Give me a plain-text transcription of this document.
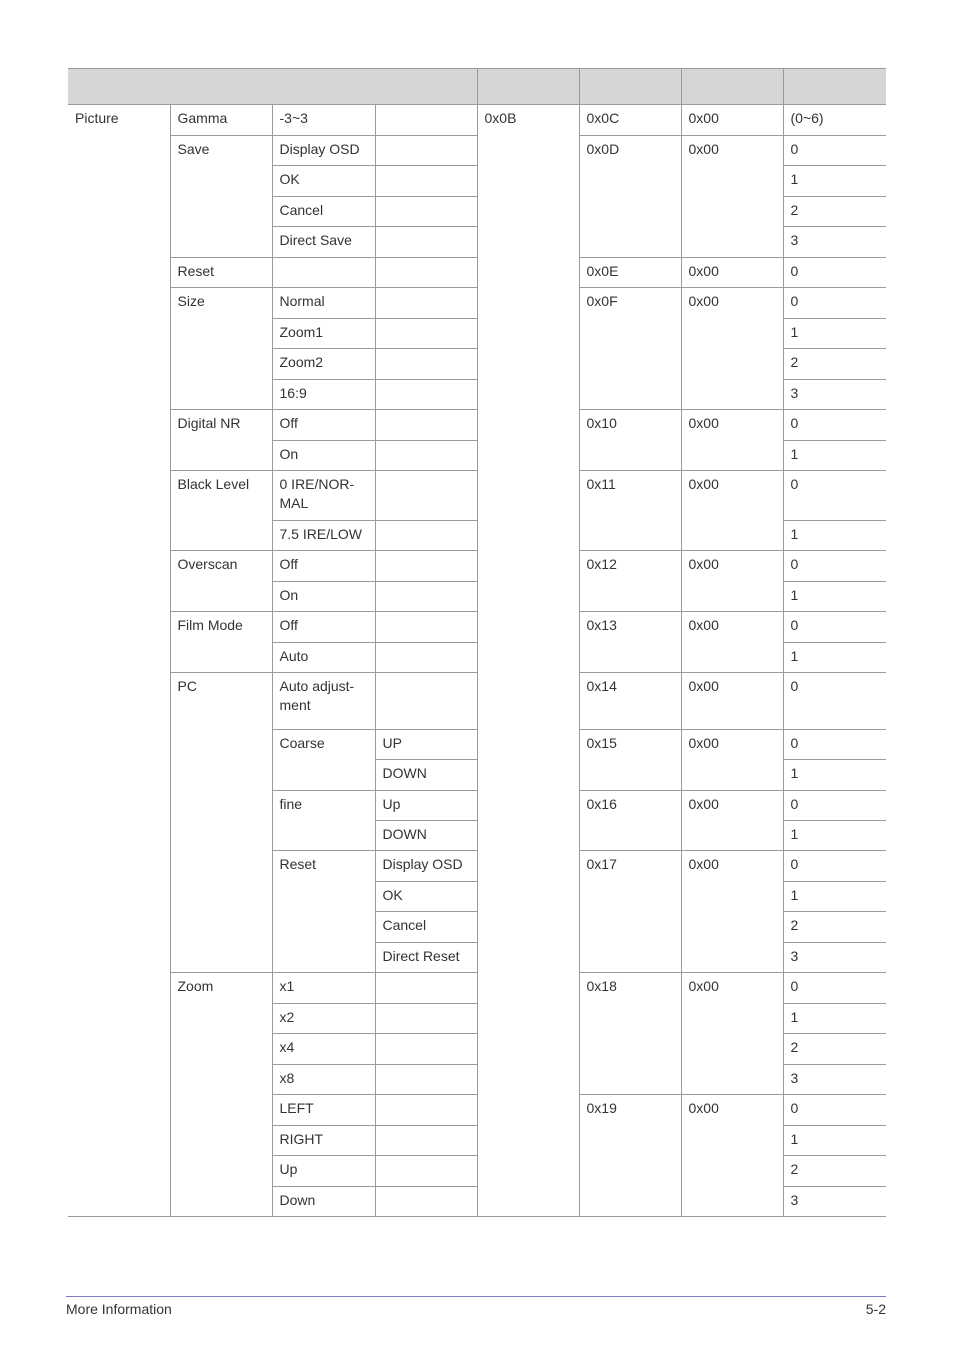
Picture	Gamma	-3~3		0x0B	0x0C	0x00	(0~6)
	Save	Display OSD			0x0D	0x00	0
		OK					1
		Cancel					2
		Direct Save					3
	Reset				0x0E	0x00	0
	Size	Normal			0x0F	0x00	0
		Zoom1					1
		Zoom2					2
		16:9					3
	Digital NR	Off			0x10	0x00	0
		On					1
	Black Level	0 IRE/NOR-MAL			0x11	0x00	0
		7.5 IRE/LOW					1
	Overscan	Off			0x12	0x00	0
		On					1
	Film Mode	Off			0x13	0x00	0
		Auto					1
	PC	Auto adjust-ment			0x14	0x00	0
		Coarse	UP		0x15	0x00	0
			DOWN				1
		fine	Up		0x16	0x00	0
			DOWN				1
		Reset	Display OSD		0x17	0x00	0
			OK				1
			Cancel				2
			Direct Reset				3
	Zoom	x1			0x18	0x00	0
		x2					1
		x4					2
		x8					3
		LEFT			0x19	0x00	0
		RIGHT					1
		Up					2
		Down					3
More Information	5-2
